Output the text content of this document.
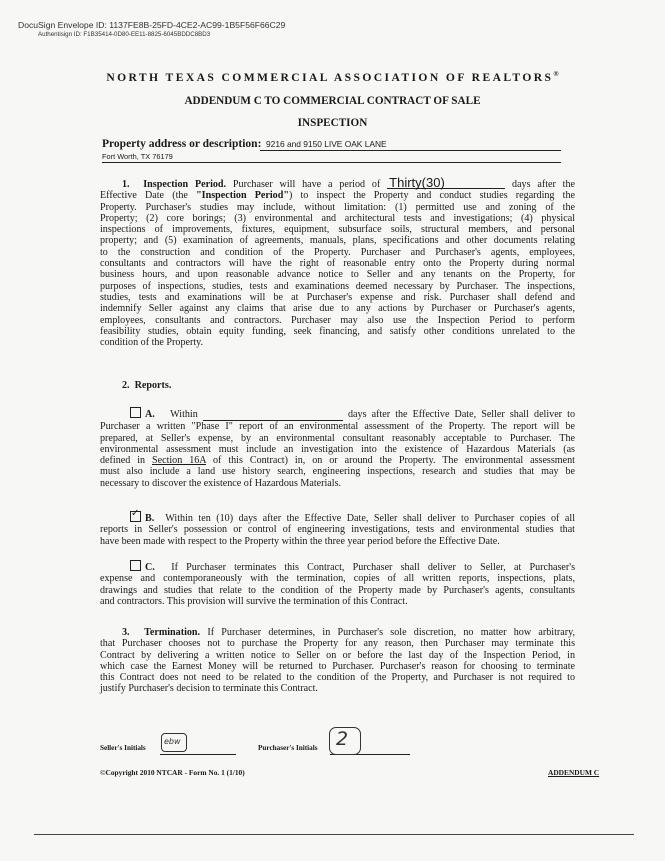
DocuSign Envelope ID: 1137FE8B-25FD-4CE2-AC99-1B5F56F66C29
Authentisign ID: F1B35414-0D80-EE11-8825-6045BDDC8BD3
NORTH TEXAS COMMERCIAL ASSOCIATION OF REALTORS®
ADDENDUM C TO COMMERCIAL CONTRACT OF SALE
INSPECTION
Property address or description: 9216 and 9150 LIVE OAK LANE
Fort Worth, TX 76179
1. Inspection Period. Purchaser will have a period of Thirty(30)	days after the
Effective Date (the "Inspection Period") to inspect the Property and conduct studies regarding the
Property. Purchaser's studies may include, without limitation: (1) permitted use and zoning of the
Property; (2) core borings; (3) environmental and architectural tests and investigations; (4) physical
inspections of improvements, fixtures, equipment, subsurface soils, structural members, and personal
property; and (5) examination of agreements, manuals, plans, specifications and other documents relating
to the construction and condition of the Property. Purchaser and Purchaser's agents, employees,
consultants and contractors will have the right of reasonable entry onto the Property during normal
business hours, and upon reasonable advance notice to Seller and any tenants on the Property, for
purposes of inspections, studies, tests and examinations deemed necessary by Purchaser. The inspections,
studies, tests and examinations will be at Purchaser's expense and risk. Purchaser shall defend and
indemnify Seller against any claims that arise due to any actions by Purchaser or Purchaser's agents,
employees, consultants and contractors. Purchaser may also use the Inspection Period to perform
feasibility studies, obtain equity funding, seek financing, and satisfy other conditions unrelated to the
condition of the Property.
2. Reports.
A. Within	days after the Effective Date, Seller shall deliver to
Purchaser a written "Phase I" report of an environmental assessment of the Property. The report will be
prepared, at Seller's expense, by an environmental consultant reasonably acceptable to Purchaser. The
environmental assessment must include an investigation into the existence of Hazardous Materials (as
defined in Section 16A of this Contract) in, on or around the Property. The environmental assessment
must also include a land use history search, engineering inspections, research and studies that may be
necessary to discover the existence of Hazardous Materials.
✓ B. Within ten (10) days after the Effective Date, Seller shall deliver to Purchaser copies of all
reports in Seller's possession or control of engineering investigations, tests and environmental studies that
have been made with respect to the Property within the three year period before the Effective Date.
C. If Purchaser terminates this Contract, Purchaser shall deliver to Seller, at Purchaser's
expense and contemporaneously with the termination, copies of all written reports, inspections, plats,
drawings and studies that relate to the condition of the Property made by Purchaser's agents, consultants
and contractors. This provision will survive the termination of this Contract.
3. Termination. If Purchaser determines, in Purchaser's sole discretion, no matter how arbitrary,
that Purchaser chooses not to purchase the Property for any reason, then Purchaser may terminate this
Contract by delivering a written notice to Seller on or before the last day of the Inspection Period, in
which case the Earnest Money will be returned to Purchaser. Purchaser's reason for choosing to terminate
this Contract does not need to be related to the condition of the Property, and Purchaser is not required to
justify Purchaser's decision to terminate this Contract.
Seller's Initials
ebw
Purchaser's Initials 2
©Copyright 2010 NTCAR - Form No. 1 (1/10)	ADDENDUM C
